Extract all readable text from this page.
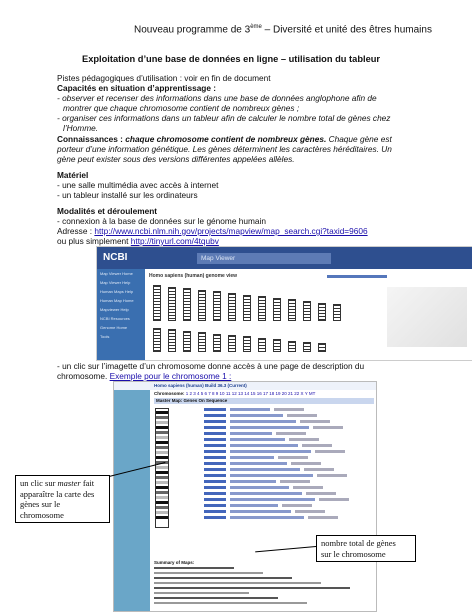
Nouveau programme de 3ème – Diversité et unité des êtres humains
Exploitation d’une base de données en ligne – utilisation du tableur
Pistes pédagogiques d’utilisation : voir en fin de document
Capacités en situation d’apprentissage :
- observer et recenser des informations dans une base de données anglophone afin de
montrer que chaque chromosome contient de nombreux gènes ;
- organiser ces informations dans un tableur afin de calculer le nombre total de gènes chez
l’Homme.
Connaissances : chaque chromosome contient de nombreux gènes. Chaque gène est
porteur d’une information génétique. Les gènes déterminent les caractères héréditaires. Un
gène peut exister sous des versions différentes appelées allèles.
Matériel
- une salle multimédia avec accès à internet
- un tableur installé sur les ordinateurs
Modalités et déroulement
- connexion à la base de données sur le génome humain
Adresse : http://www.ncbi.nlm.nih.gov/projects/mapview/map_search.cgi?taxid=9606
ou plus simplement http://tinyurl.com/4tqubv
NCBI	Map Viewer
Map Viewer Home
Map Viewer Help
Human Maps Help
Human Map Home
Mapviewer Help
NCBI Resources
Genome Home
Tools
Homo sapiens (human) genome view
- un clic sur l’imagette d’un chromosome donne accès à une page de description du
chromosome. Exemple pour le chromosome 1 :
Homo sapiens (human) Build 36.3 (Current)
Chromosome: 1 2 3 4 5 6 7 8 9 10 11 12 13 14 15 16 17 18 19 20 21 22 X Y MT
Master Map: Genes On Sequence
Summary of Maps:
un clic sur master fait
apparaître la carte des
gènes sur le
chromosome
nombre total de gènes
sur le chromosome
